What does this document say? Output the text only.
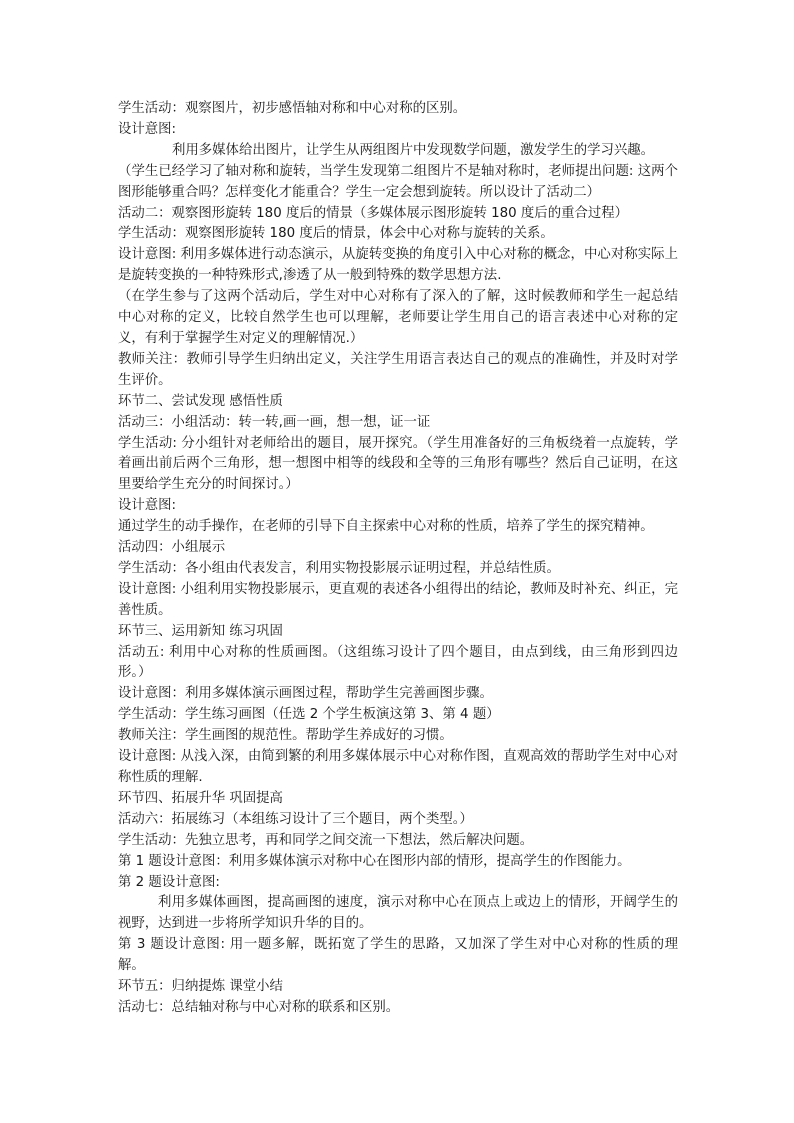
学生活动：观察图片，初步感悟轴对称和中心对称的区别。

设计意图:

利用多媒体给出图片，让学生从两组图片中发现数学问题，激发学生的学习兴趣。

（学生已经学习了轴对称和旋转，当学生发现第二组图片不是轴对称时，老师提出问题: 这两个图形能够重合吗？怎样变化才能重合？学生一定会想到旋转。所以设计了活动二）

活动二：观察图形旋转 180 度后的情景（多媒体展示图形旋转 180 度后的重合过程）

学生活动：观察图形旋转 180 度后的情景，体会中心对称与旋转的关系。

设计意图: 利用多媒体进行动态演示，从旋转变换的角度引入中心对称的概念，中心对称实际上是旋转变换的一种特殊形式,渗透了从一般到特殊的数学思想方法.

（在学生参与了这两个活动后，学生对中心对称有了深入的了解，这时候教师和学生一起总结中心对称的定义，比较自然学生也可以理解，老师要让学生用自己的语言表述中心对称的定义，有利于掌握学生对定义的理解情况.）

教师关注：教师引导学生归纳出定义，关注学生用语言表达自己的观点的准确性，并及时对学生评价。

环节二、尝试发现 感悟性质

活动三：小组活动：转一转,画一画，想一想，证一证

学生活动: 分小组针对老师给出的题目，展开探究。（学生用准备好的三角板绕着一点旋转，学着画出前后两个三角形，想一想图中相等的线段和全等的三角形有哪些？然后自己证明，在这里要给学生充分的时间探讨。）

设计意图:

通过学生的动手操作，在老师的引导下自主探索中心对称的性质，培养了学生的探究精神。

活动四：小组展示

学生活动：各小组由代表发言，利用实物投影展示证明过程，并总结性质。

设计意图: 小组利用实物投影展示，更直观的表述各小组得出的结论，教师及时补充、纠正，完善性质。

环节三、运用新知 练习巩固

活动五: 利用中心对称的性质画图。（这组练习设计了四个题目，由点到线，由三角形到四边形。）

设计意图：利用多媒体演示画图过程，帮助学生完善画图步骤。

学生活动：学生练习画图（任选 2 个学生板演这第 3、第 4 题）

教师关注：学生画图的规范性。帮助学生养成好的习惯。

设计意图: 从浅入深，由简到繁的利用多媒体展示中心对称作图，直观高效的帮助学生对中心对称性质的理解.

环节四、拓展升华 巩固提高

活动六：拓展练习（本组练习设计了三个题目，两个类型。）

学生活动：先独立思考，再和同学之间交流一下想法，然后解决问题。

第 1 题设计意图：利用多媒体演示对称中心在图形内部的情形，提高学生的作图能力。

第 2 题设计意图:

利用多媒体画图，提高画图的速度，演示对称中心在顶点上或边上的情形，开阔学生的视野，达到进一步将所学知识升华的目的。

第 3 题设计意图: 用一题多解，既拓宽了学生的思路，又加深了学生对中心对称的性质的理解。

环节五：归纳提炼 课堂小结

活动七：总结轴对称与中心对称的联系和区别。
